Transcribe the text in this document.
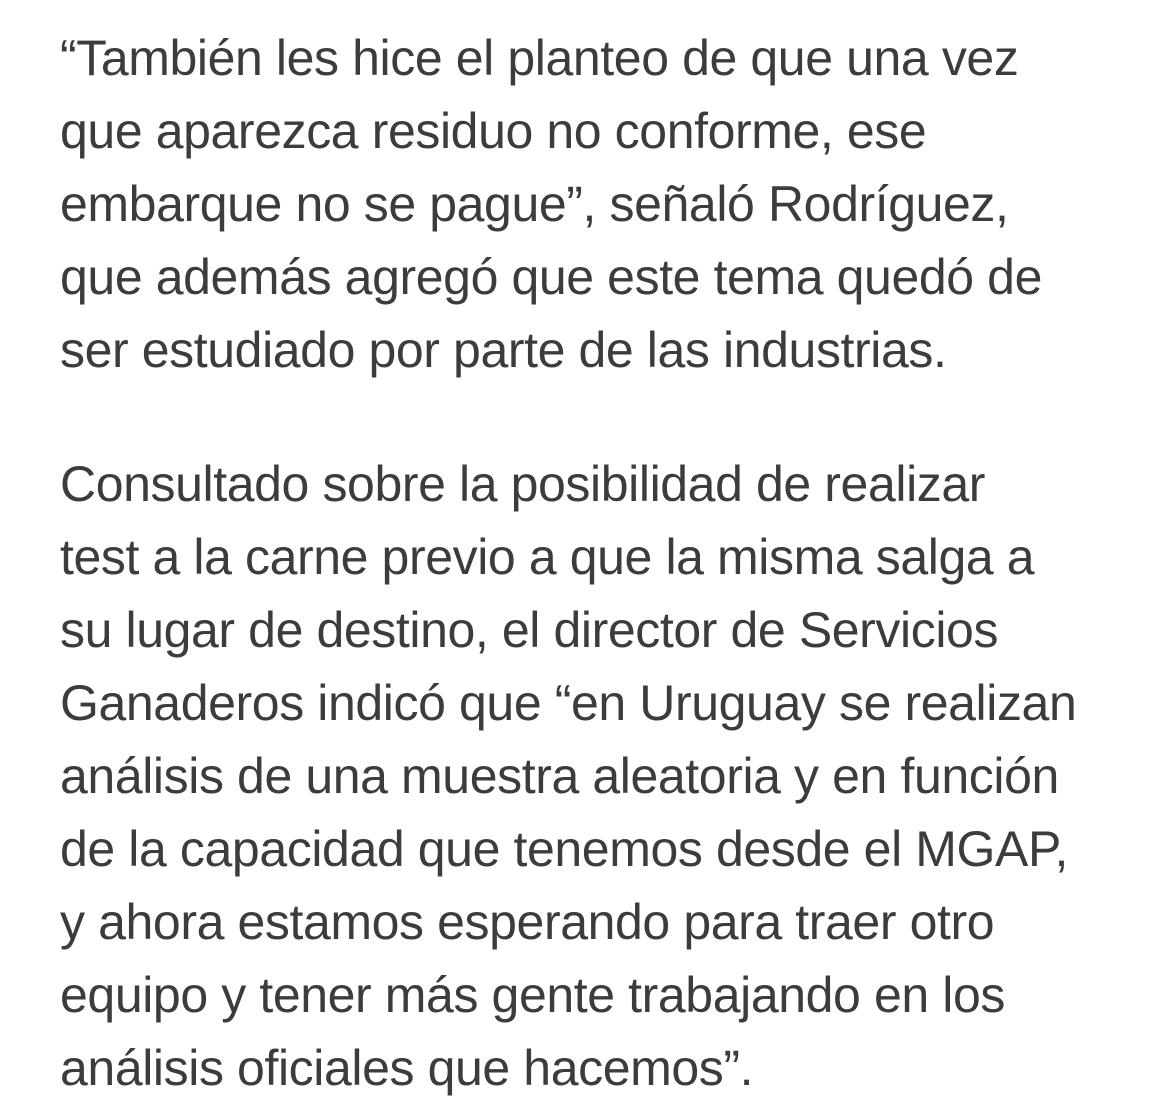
“También les hice el planteo de que una vez
que aparezca residuo no conforme, ese
embarque no se pague”, señaló Rodríguez,
que además agregó que este tema quedó de
ser estudiado por parte de las industrias.
Consultado sobre la posibilidad de realizar
test a la carne previo a que la misma salga a
su lugar de destino, el director de Servicios
Ganaderos indicó que “en Uruguay se realizan
análisis de una muestra aleatoria y en función
de la capacidad que tenemos desde el MGAP,
y ahora estamos esperando para traer otro
equipo y tener más gente trabajando en los
análisis oficiales que hacemos”.
